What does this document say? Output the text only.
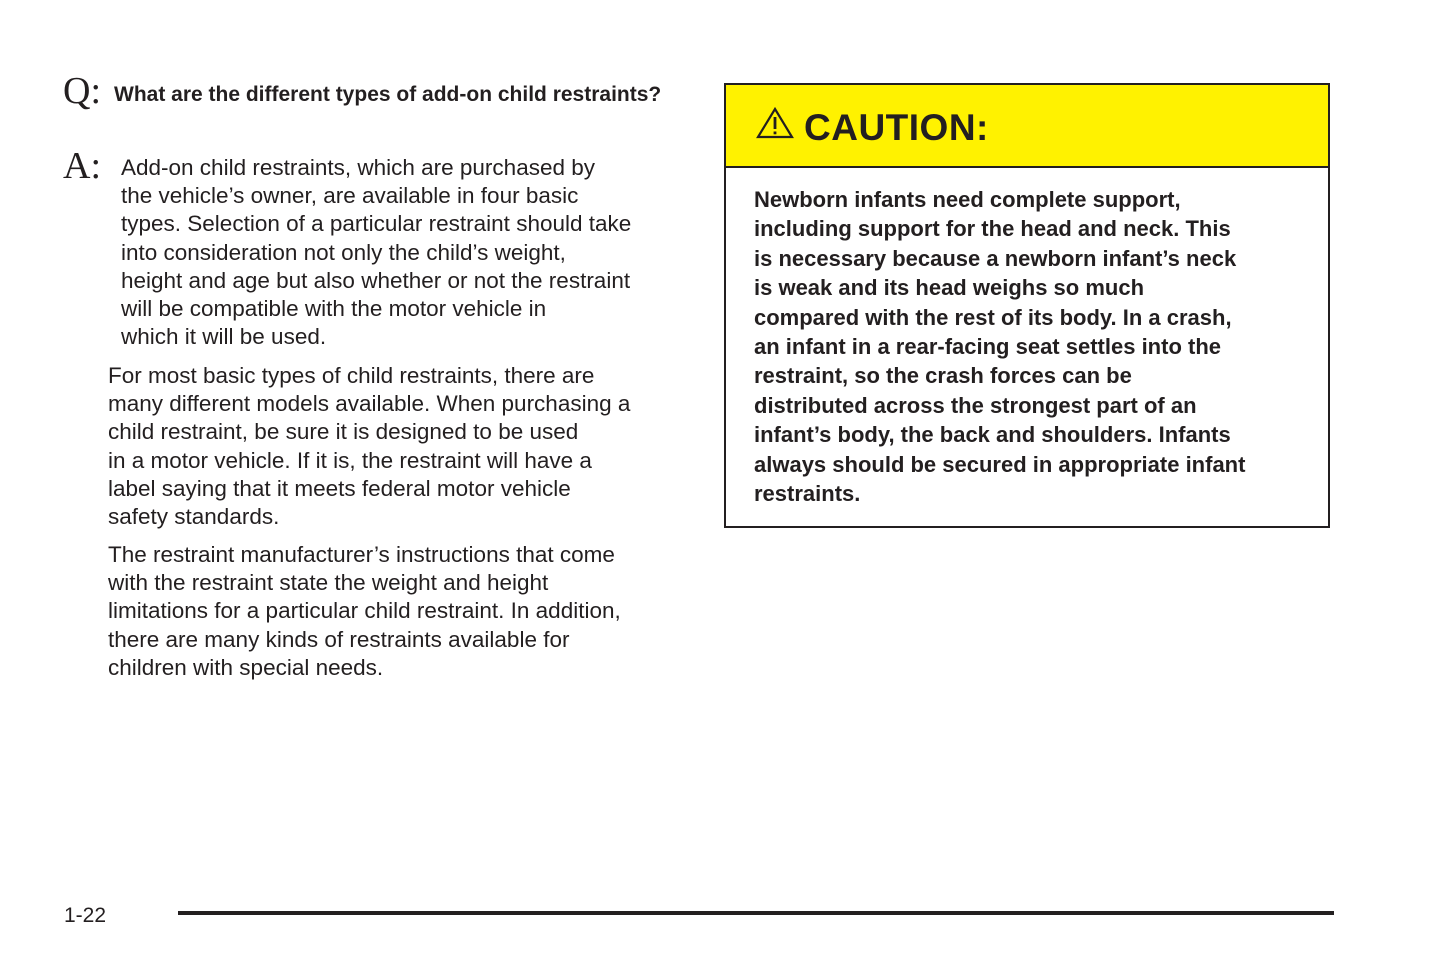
Q: What are the different types of add-on child restraints?
A: Add-on child restraints, which are purchased by
the vehicle’s owner, are available in four basic
types. Selection of a particular restraint should take
into consideration not only the child’s weight,
height and age but also whether or not the restraint
will be compatible with the motor vehicle in
which it will be used.
For most basic types of child restraints, there are
many different models available. When purchasing a
child restraint, be sure it is designed to be used
in a motor vehicle. If it is, the restraint will have a
label saying that it meets federal motor vehicle
safety standards.
The restraint manufacturer’s instructions that come
with the restraint state the weight and height
limitations for a particular child restraint. In addition,
there are many kinds of restraints available for
children with special needs.
CAUTION:
Newborn infants need complete support,
including support for the head and neck. This
is necessary because a newborn infant’s neck
is weak and its head weighs so much
compared with the rest of its body. In a crash,
an infant in a rear-facing seat settles into the
restraint, so the crash forces can be
distributed across the strongest part of an
infant’s body, the back and shoulders. Infants
always should be secured in appropriate infant
restraints.
1-22
